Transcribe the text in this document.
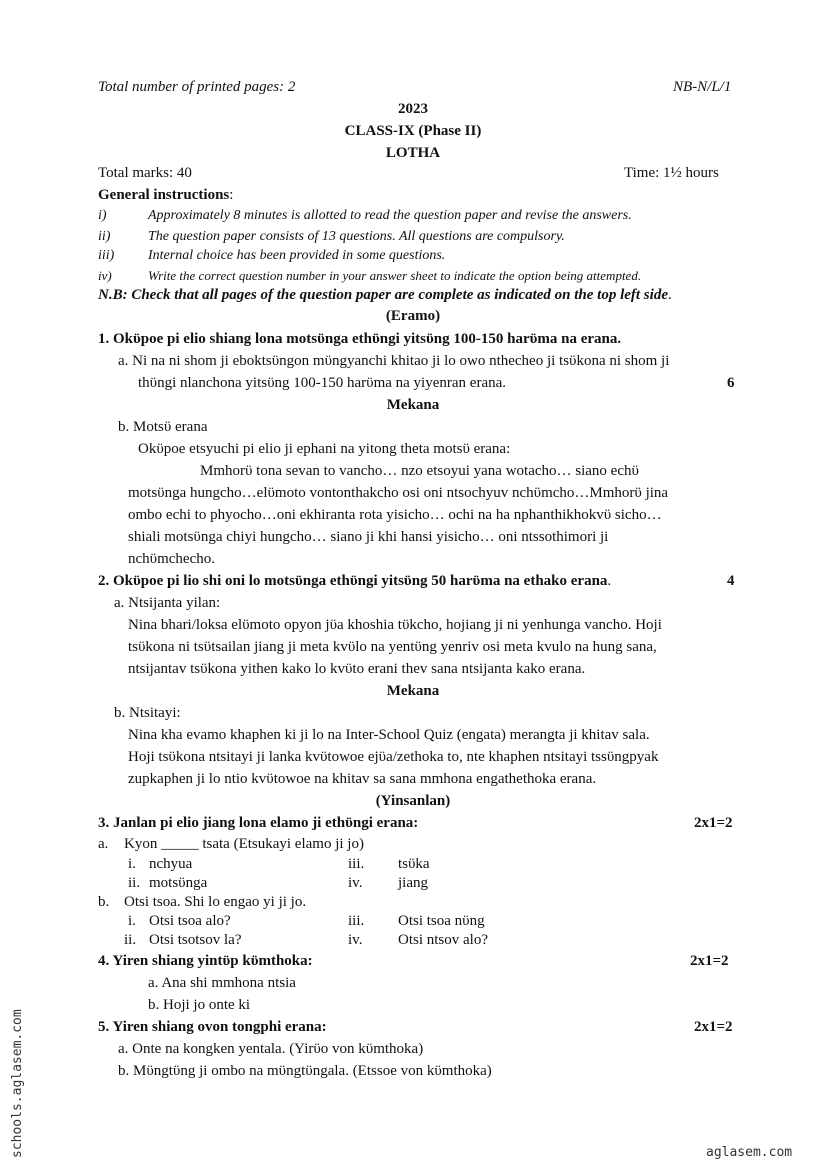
Total number of printed pages: 2	NB-N/L/1
2023
CLASS-IX (Phase II)
LOTHA
Total marks: 40	Time: 1½ hours
General instructions:
i)	Approximately 8 minutes is allotted to read the question paper and revise the answers.
ii)	The question paper consists of 13 questions. All questions are compulsory.
iii) Internal choice has been provided in some questions.
iv)	Write the correct question number in your answer sheet to indicate the option being attempted.
N.B: Check that all pages of the question paper are complete as indicated on the top left side.
(Eramo)
1. Okϋpoe pi elio shiang lona motsϋnga ethϋngi yitsϋng 100-150 harϋma na erana.
a. Ni na ni shom ji eboktsϋngon mϋngyanchi khitao ji lo owo nthecheo ji tsϋkona ni shom ji
thϋngi nlanchona yitsϋng 100-150 harϋma na yiyenran erana.	6
Mekana
b. Motsϋ erana
Okϋpoe etsyuchi pi elio ji ephani na yitong theta motsϋ erana:
Mmhorϋ tona sevan to vancho… nzo etsoyui yana wotacho… siano echϋ
motsϋnga hungcho…elϋmoto vontonthakcho osi oni ntsochyuv nchϋmcho…Mmhorϋ jina
ombo echi to phyocho…oni ekhiranta rota yisicho… ochi na ha nphanthikhokvϋ sicho…
shiali motsϋnga chiyi hungcho… siano ji khi hansi yisicho… oni ntssothimori ji
nchϋmchecho.
2. Okϋpoe pi lio shi oni lo motsϋnga ethϋngi yitsϋng 50 harϋma na ethako erana.	4
a. Ntsijanta yilan:
Nina bhari/loksa elϋmoto opyon jϋa khoshia tϋkcho, hojiang ji ni yenhunga vancho. Hoji
tsϋkona ni tsϋtsailan jiang ji meta kvϋlo na yentϋng yenriv osi meta kvulo na hung sana,
ntsijantav tsϋkona yithen kako lo kvϋto erani thev sana ntsijanta kako erana.
Mekana
b. Ntsitayi:
Nina kha evamo khaphen ki ji lo na Inter-School Quiz (engata) merangta ji khitav sala.
Hoji tsϋkona ntsitayi ji lanka kvϋtowoe ejϋa/zethoka to, nte khaphen ntsitayi tssϋngpyak
zupkaphen ji lo ntio kvϋtowoe na khitav sa sana mmhona engathethoka erana.
(Yinsanlan)
3. Janlan pi elio jiang lona elamo ji ethϋngi erana:	2x1=2
a. Kyon _____ tsata (Etsukayi elamo ji jo)
i. nchyua
ii. motsϋnga
iii. tsϋka
iv. jiang
b. Otsi tsoa. Shi lo engao yi ji jo.
i. Otsi tsoa alo?
ii. Otsi tsotsov la?
iii. Otsi tsoa nϋng
iv. Otsi ntsov alo?
4. Yiren shiang yintϋp kϋmthoka:	2x1=2
a. Ana shi mmhona ntsia
b. Hoji jo onte ki
5. Yiren shiang ovon tongphi erana:	2x1=2
a. Onte na kongken yentala. (Yirϋo von kϋmthoka)
b. Mϋngtϋng ji ombo na mϋngtϋngala. (Etssoe von kϋmthoka)
schools.aglasem.com	aglasem.com
